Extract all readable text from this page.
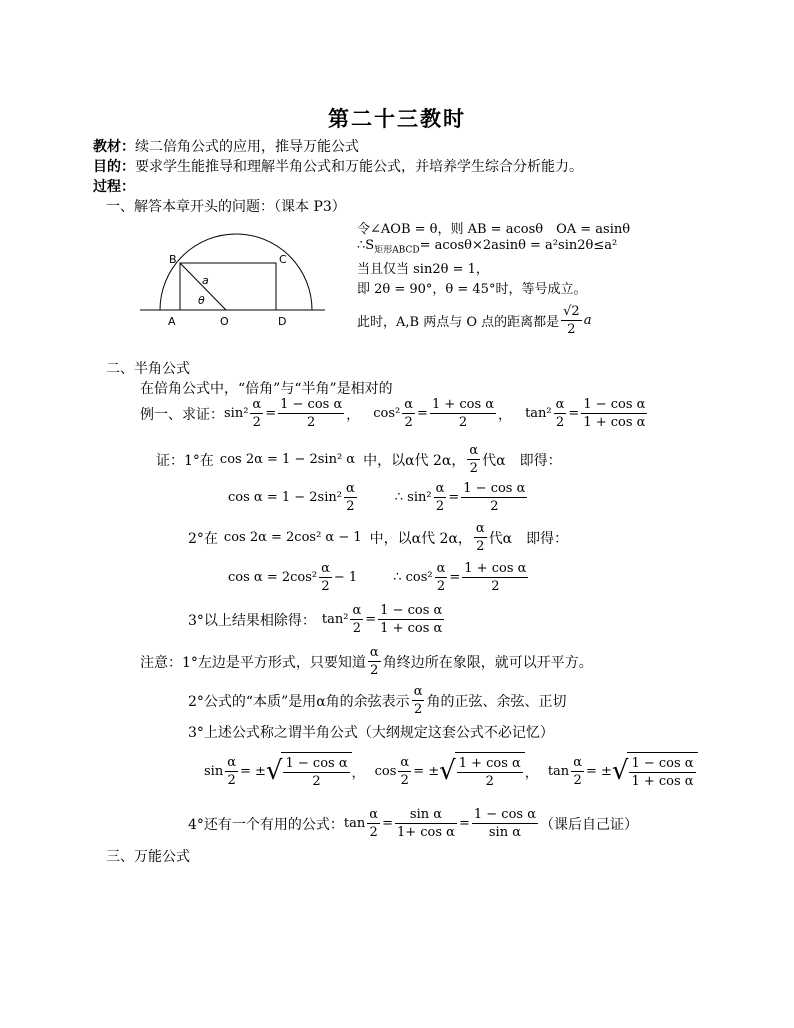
第二十三教时
教材：续二倍角公式的应用，推导万能公式
目的：要求学生能推导和理解半角公式和万能公式，并培养学生综合分析能力。
过程：
一、解答本章开头的问题：（课本 P3）
B	C
A	O	D
a
θ
令∠AOB = θ，则 AB = acosθ　OA = asinθ
$\therefore S_{矩形ABCD}= acos\theta\times 2asin\theta = a^2\sin 2\theta\le a^2$
当且仅当 sin2θ = 1，
即 2θ = 90°，θ = 45°时，等号成立。
此时，A,B 两点与 O 点的距离都是 $\frac{√2}{2}$ a
二、半角公式
在倍角公式中，“倍角”与“半角”是相对的
例一、求证： $\sin^2 \frac{\alpha}{2} = \frac{\text{1 − cos α}}{2}$ ， $\cos^2 \frac{\alpha}{2} = \frac{\text{1 + cos α}}{2}$ ， $\tan^2 \frac{\alpha}{2} = \frac{\text{1 − cos α}}{\text{1 + cos α}}$
证： 1°在 cos 2α = 1 − 2sin² α 中，以α代 2α， $\frac{\alpha}{2}$ 代α　即得：
$\cos \alpha = 1 - 2\sin^2 \frac{\alpha}{2}$	∴ $\sin^2 \frac{\alpha}{2} = \frac{\text{1 − cos α}}{2}$
2°在 cos 2α = 2cos² α − 1 中，以α代 2α， $\frac{\alpha}{2}$ 代α　即得：
$\cos \alpha = 2\cos^2 \frac{\alpha}{2} - 1$	∴ $\cos^2 \frac{\alpha}{2} = \frac{\text{1 + cos α}}{2}$
3°以上结果相除得： $\tan^2 \frac{\alpha}{2} = \frac{\text{1 − cos α}}{\text{1 + cos α}}$
注意： 1°左边是平方形式，只要知道 $\frac{\alpha}{2}$ 角终边所在象限，就可以开平方。
2°公式的“本质”是用α角的余弦表示 $\frac{\alpha}{2}$ 角的正弦、余弦、正切
3°上述公式称之谓半角公式（大纲规定这套公式不必记忆）
$\sin \frac{\alpha}{2}$ = ± √ $\frac{\text{1 − cos α}}{2}$ ， $\cos \frac{\alpha}{2}$ = ± √ $\frac{\text{1 + cos α}}{2}$ ， $\tan \frac{\alpha}{2}$ = ± √ $\frac{\text{1 − cos α}}{\text{1 + cos α}}$
4°还有一个有用的公式： $\tan \frac{\alpha}{2} = \frac{\text{sin α}}{\text{1+ cos α}} = \frac{\text{1 − cos α}}{\text{sin α}}$ （课后自己证）
三、万能公式
